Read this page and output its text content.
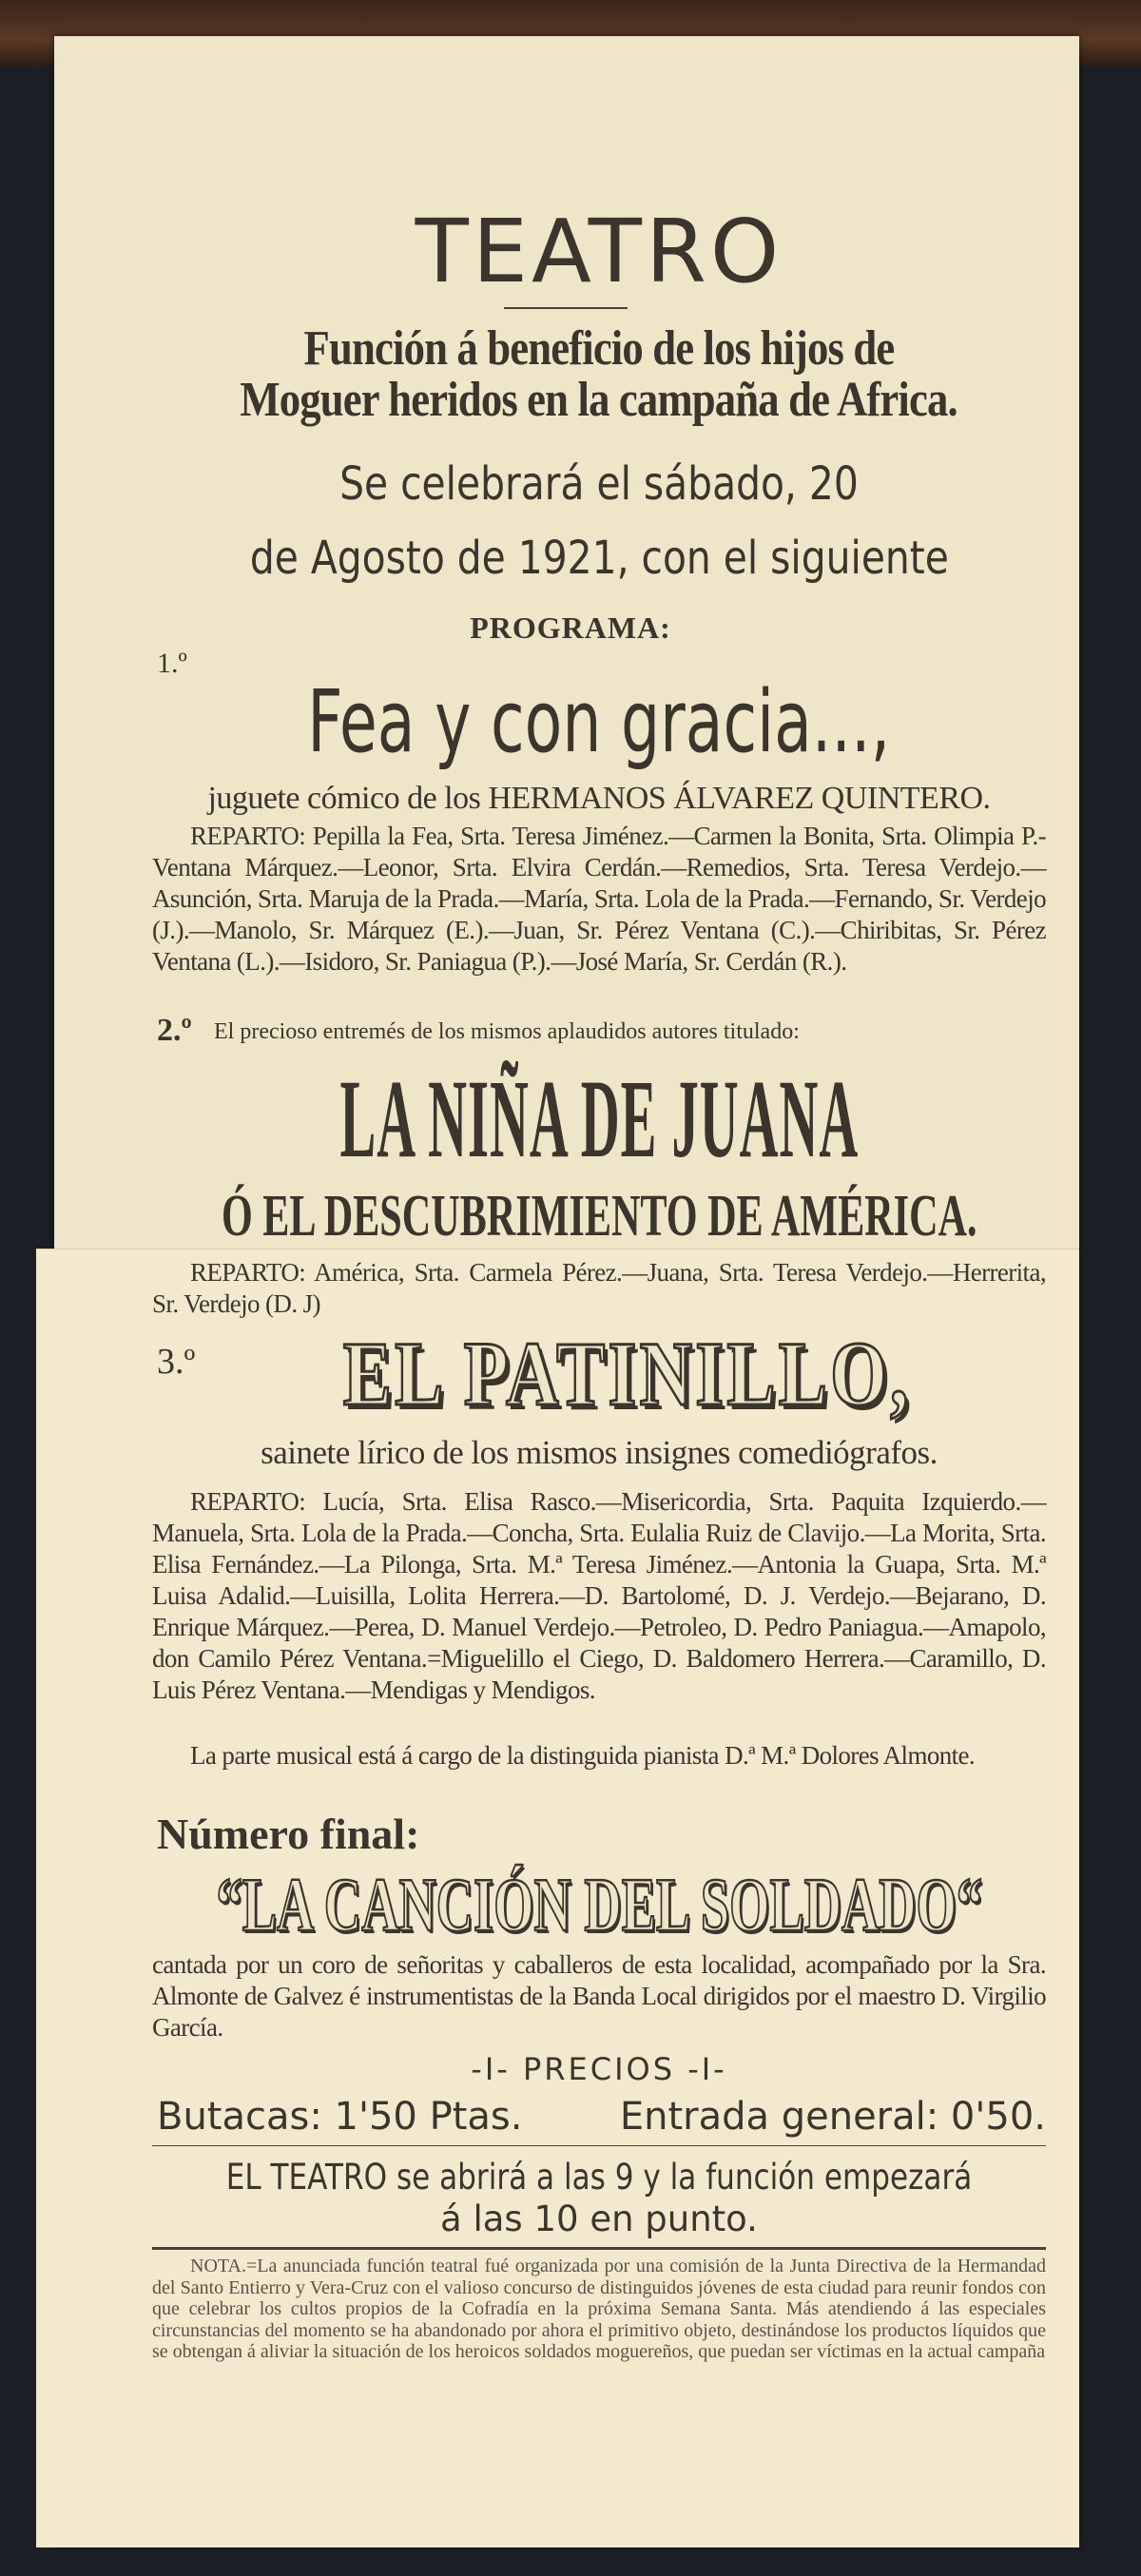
TEATRO
Función á beneficio de los hijos de
Moguer heridos en la campaña de Africa.
Se celebrará el sábado, 20
de Agosto de 1921, con el siguiente
PROGRAMA:
1.º
Fea y con gracia...,
juguete cómico de los HERMANOS ÁLVAREZ QUINTERO.
REPARTO: Pepilla la Fea, Srta. Teresa Jiménez.—Carmen la Bonita, Srta. Olimpia P.-Ventana Márquez.—Leonor, Srta. Elvira Cerdán.—Remedios, Srta. Teresa Verdejo.—Asunción, Srta. Maruja de la Prada.—María, Srta. Lola de la Prada.—Fernando, Sr. Verdejo (J.).—Manolo, Sr. Márquez (E.).—Juan, Sr. Pérez Ventana (C.).—Chiribitas, Sr. Pérez Ventana (L.).—Isidoro, Sr. Paniagua (P.).—José María, Sr. Cerdán (R.).
2.º El precioso entremés de los mismos aplaudidos autores titulado:
LA NIÑA DE JUANA
Ó EL DESCUBRIMIENTO DE AMÉRICA.
REPARTO: América, Srta. Carmela Pérez.—Juana, Srta. Teresa Verdejo.—Herrerita, Sr. Verdejo (D. J)
3.º EL PATINILLO,
sainete lírico de los mismos insignes comediógrafos.
REPARTO: Lucía, Srta. Elisa Rasco.—Misericordia, Srta. Paquita Izquierdo.—Manuela, Srta. Lola de la Prada.—Concha, Srta. Eulalia Ruiz de Clavijo.—La Morita, Srta. Elisa Fernández.—La Pilonga, Srta. M.ª Teresa Jiménez.—Antonia la Guapa, Srta. M.ª Luisa Adalid.—Luisilla, Lolita Herrera.—D. Bartolomé, D. J. Verdejo.—Bejarano, D. Enrique Márquez.—Perea, D. Manuel Verdejo.—Petroleo, D. Pedro Paniagua.—Amapolo, don Camilo Pérez Ventana.=Miguelillo el Ciego, D. Baldomero Herrera.—Caramillo, D. Luis Pérez Ventana.—Mendigas y Mendigos.
La parte musical está á cargo de la distinguida pianista D.ª M.ª Dolores Almonte.
Número final:
“LA CANCIÓN DEL SOLDADO“
cantada por un coro de señoritas y caballeros de esta localidad, acompañado por la Sra. Almonte de Galvez é instrumentistas de la Banda Local dirigidos por el maestro D. Virgilio García.
-I- PRECIOS -I-
Butacas: 1'50 Ptas.	Entrada general: 0'50.
EL TEATRO se abrirá a las 9 y la función empezará
á las 10 en punto.
NOTA.=La anunciada función teatral fué organizada por una comisión de la Junta Directiva de la Hermandad del Santo Entierro y Vera-Cruz con el valioso concurso de distinguidos jóvenes de esta ciudad para reunir fondos con que celebrar los cultos propios de la Cofradía en la próxima Semana Santa. Más atendiendo á las especiales circunstancias del momento se ha abandonado por ahora el primitivo objeto, destinándose los productos líquidos que se obtengan á aliviar la situación de los heroicos soldados moguereños, que puedan ser víctimas en la actual campaña
